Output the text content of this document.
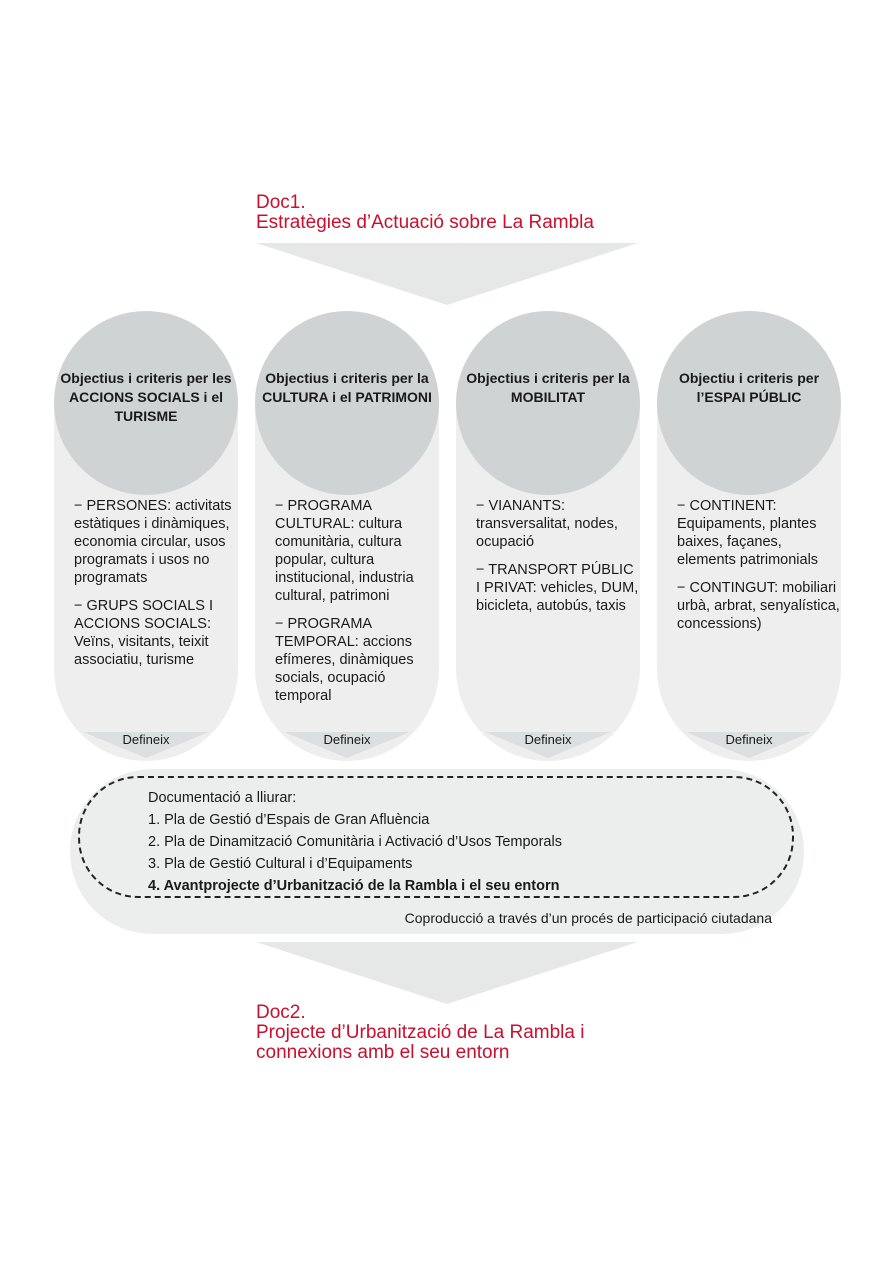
Doc1.
Estratègies d’Actuació sobre La Rambla

Objectius i criteris per les ACCIONS SOCIALS i el TURISME

− PERSONES: activitats estàtiques i dinàmiques, economia circular, usos programats i usos no programats

− GRUPS SOCIALS I ACCIONS SOCIALS: Veïns, visitants, teixit associatiu, turisme

Defineix

Objectius i criteris per la CULTURA i el PATRIMONI

− PROGRAMA CULTURAL: cultura comunitària, cultura popular, cultura institucional, industria cultural, patrimoni

− PROGRAMA TEMPORAL: accions efímeres, dinàmiques socials, ocupació temporal

Defineix

Objectius i criteris per la MOBILITAT

− VIANANTS: transversalitat, nodes, ocupació

− TRANSPORT PÚBLIC I PRIVAT: vehicles, DUM, bicicleta, autobús, taxis

Defineix

Objectiu i criteris per l’ESPAI PÚBLIC

− CONTINENT: Equipaments, plantes baixes, façanes, elements patrimonials

− CONTINGUT: mobiliari urbà, arbrat, senyalística, concessions)

Defineix
Documentació a lliurar:
1. Pla de Gestió d’Espais de Gran Afluència
2. Pla de Dinamització Comunitària i Activació d’Usos Temporals
3. Pla de Gestió Cultural i d’Equipaments
4. Avantprojecte d’Urbanització de la Rambla i el seu entorn
Coproducció a través d’un procés de participació ciutadana
Doc2.
Projecte d’Urbanització de La Rambla i
connexions amb el seu entorn
